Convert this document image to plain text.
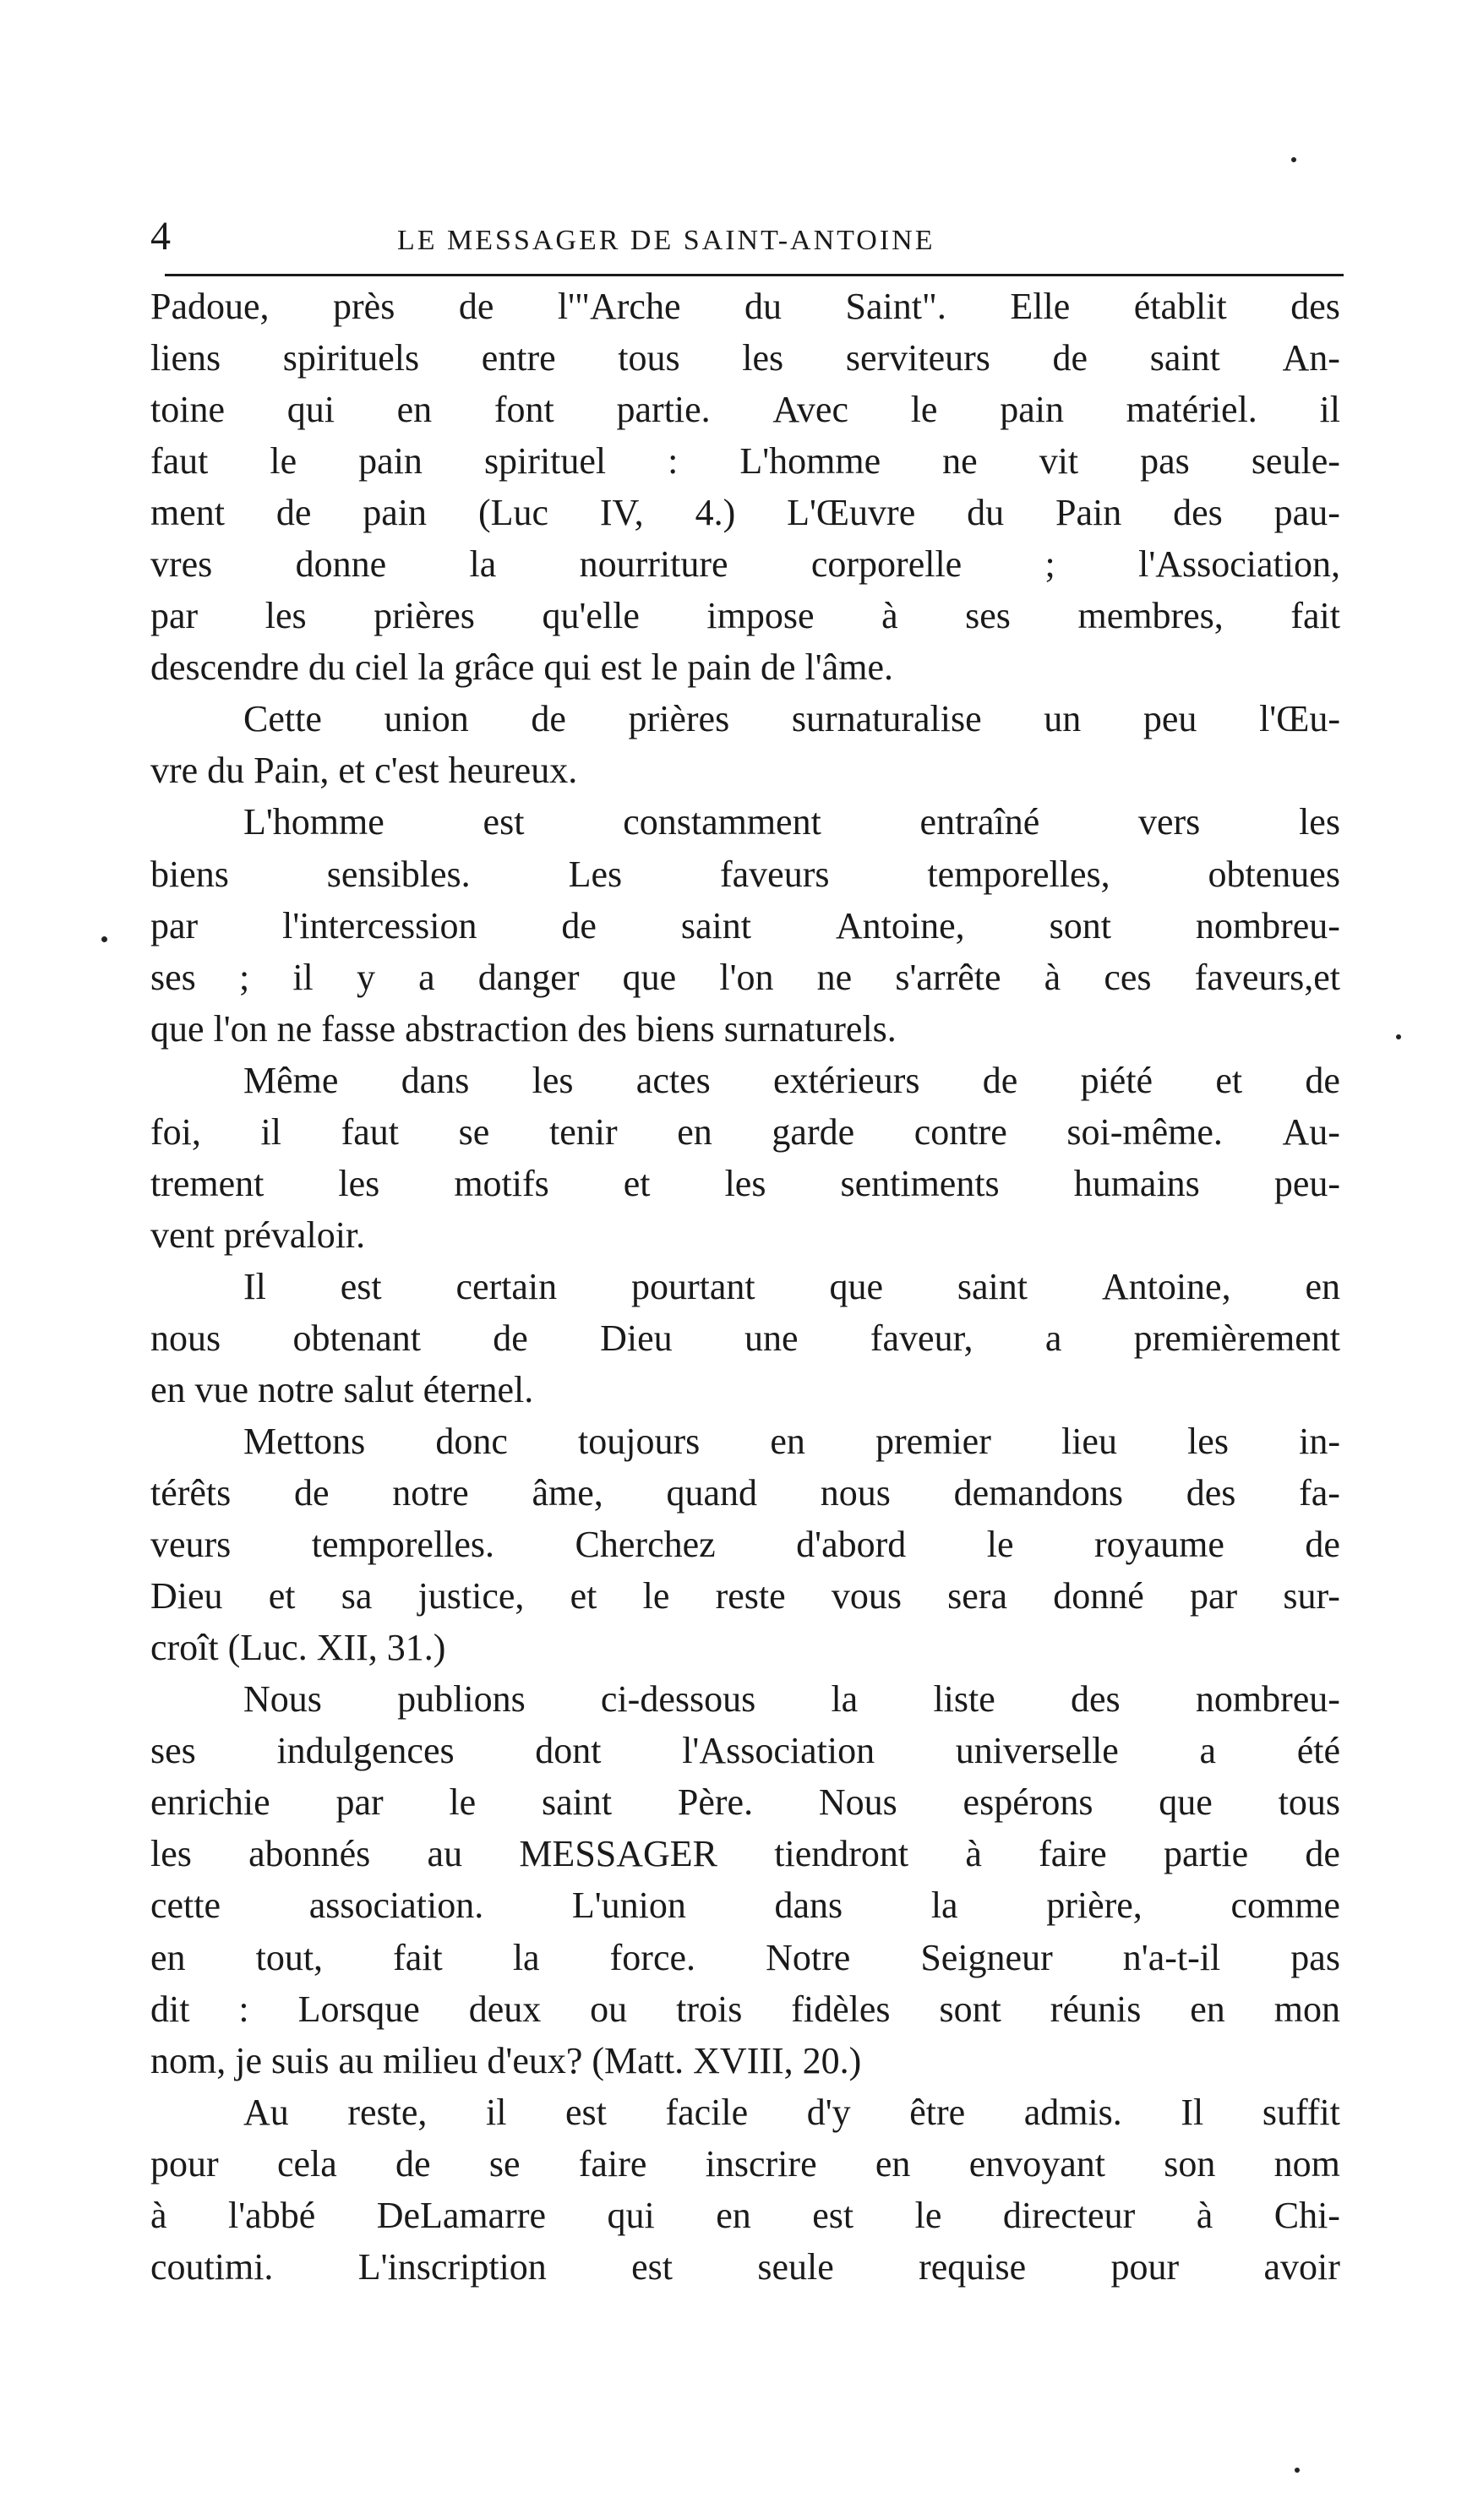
4	LE MESSAGER DE SAINT-ANTOINE
Padoue, près de l'"Arche du Saint". Elle établit des
liens spirituels entre tous les serviteurs de saint An-
toine qui en font partie. Avec le pain matériel. il
faut le pain spirituel : L'homme ne vit pas seule-
ment de pain (Luc IV, 4.) L'Œuvre du Pain des pau-
vres donne la nourriture corporelle ; l'Association,
par les prières qu'elle impose à ses membres, fait
descendre du ciel la grâce qui est le pain de l'âme.
Cette union de prières surnaturalise un peu l'Œu-
vre du Pain, et c'est heureux.
L'homme	est	constamment	entraîné	vers	les
biens	sensibles.	Les	faveurs	temporelles,	obtenues
par l'intercession de saint Antoine, sont nombreu-
ses ; il y a danger que l'on ne s'arrête à ces faveurs,et
que l'on ne fasse abstraction des biens surnaturels.
Même dans les actes extérieurs de piété et de
foi, il faut se tenir en garde contre soi-même. Au-
trement les motifs et les sentiments humains peu-
vent prévaloir.
Il est certain pourtant que saint Antoine, en
nous obtenant de Dieu une faveur, a premièrement
en vue notre salut éternel.
Mettons donc toujours en premier lieu les in-
térêts de notre âme, quand nous demandons des fa-
veurs temporelles. Cherchez d'abord le royaume de
Dieu et sa justice, et le reste vous sera donné par sur-
croît (Luc. XII, 31.)
Nous publions ci-dessous la liste des nombreu-
ses indulgences dont l'Association universelle a été
enrichie par le saint Père. Nous espérons que tous
les abonnés au MESSAGER tiendront à faire partie de
cette association. L'union dans la prière, comme
en tout, fait la force. Notre Seigneur n'a-t-il pas
dit : Lorsque deux ou trois fidèles sont réunis en mon
nom, je suis au milieu d'eux? (Matt. XVIII, 20.)
Au reste, il est facile d'y être admis. Il suffit
pour cela de se faire inscrire en envoyant son nom
à l'abbé DeLamarre qui en est le directeur à Chi-
coutimi. L'inscription est seule requise pour avoir
